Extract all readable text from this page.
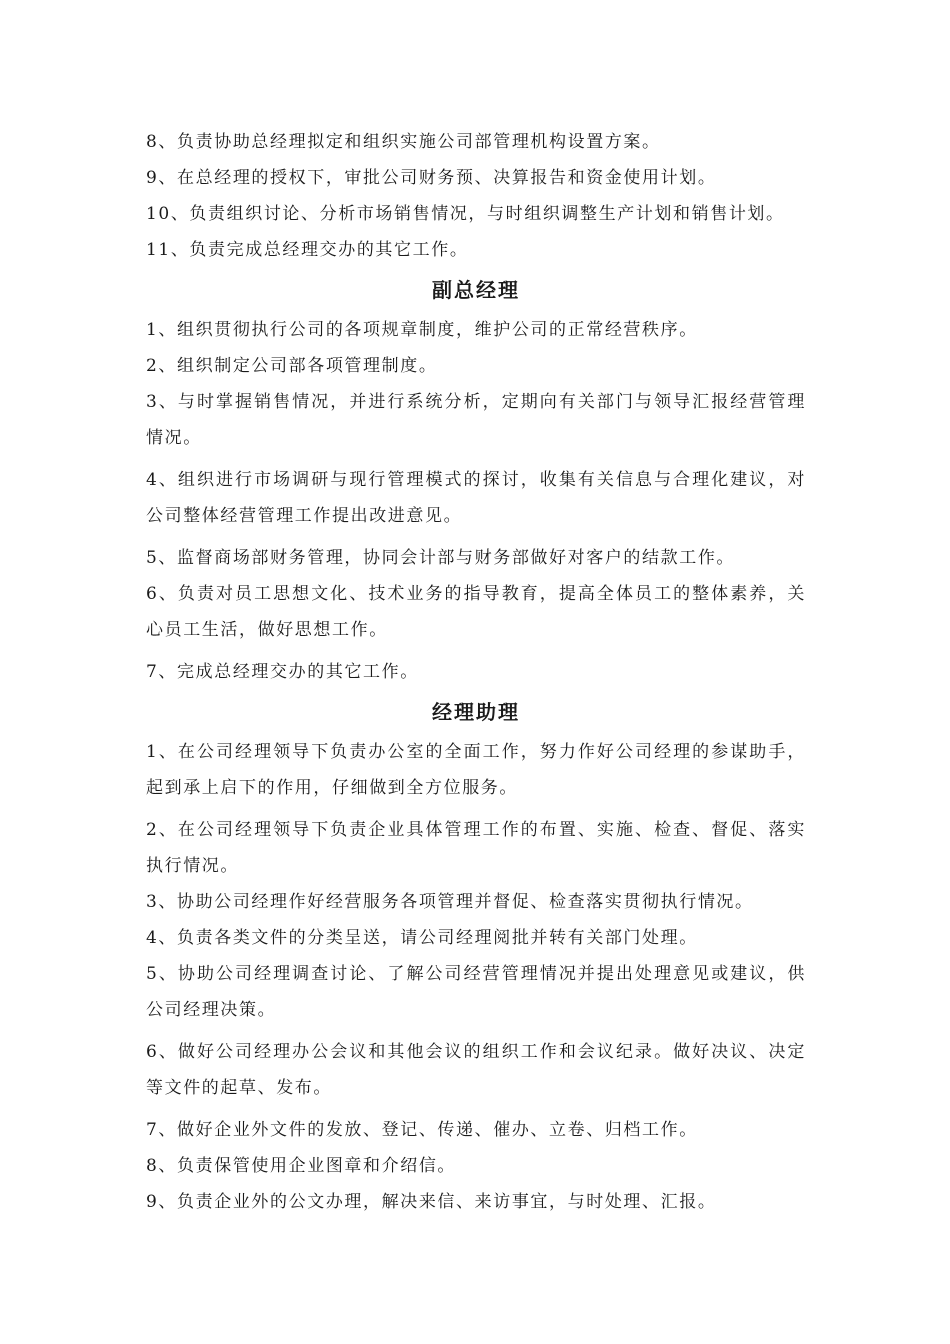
8、负责协助总经理拟定和组织实施公司部管理机构设置方案。

9、在总经理的授权下，审批公司财务预、决算报告和资金使用计划。

10、负责组织讨论、分析市场销售情况，与时组织调整生产计划和销售计划。

11、负责完成总经理交办的其它工作。

副总经理

1、组织贯彻执行公司的各项规章制度，维护公司的正常经营秩序。

2、组织制定公司部各项管理制度。

3、与时掌握销售情况，并进行系统分析，定期向有关部门与领导汇报经营管理情况。

4、组织进行市场调研与现行管理模式的探讨，收集有关信息与合理化建议，对公司整体经营管理工作提出改进意见。

5、监督商场部财务管理，协同会计部与财务部做好对客户的结款工作。

6、负责对员工思想文化、技术业务的指导教育，提高全体员工的整体素养，关心员工生活，做好思想工作。

7、完成总经理交办的其它工作。

经理助理

1、在公司经理领导下负责办公室的全面工作，努力作好公司经理的参谋助手，起到承上启下的作用，仔细做到全方位服务。

2、在公司经理领导下负责企业具体管理工作的布置、实施、检查、督促、落实执行情况。

3、协助公司经理作好经营服务各项管理并督促、检查落实贯彻执行情况。

4、负责各类文件的分类呈送，请公司经理阅批并转有关部门处理。

5、协助公司经理调查讨论、了解公司经营管理情况并提出处理意见或建议，供公司经理决策。

6、做好公司经理办公会议和其他会议的组织工作和会议纪录。做好决议、决定等文件的起草、发布。

7、做好企业外文件的发放、登记、传递、催办、立卷、归档工作。

8、负责保管使用企业图章和介绍信。

9、负责企业外的公文办理，解决来信、来访事宜，与时处理、汇报。
